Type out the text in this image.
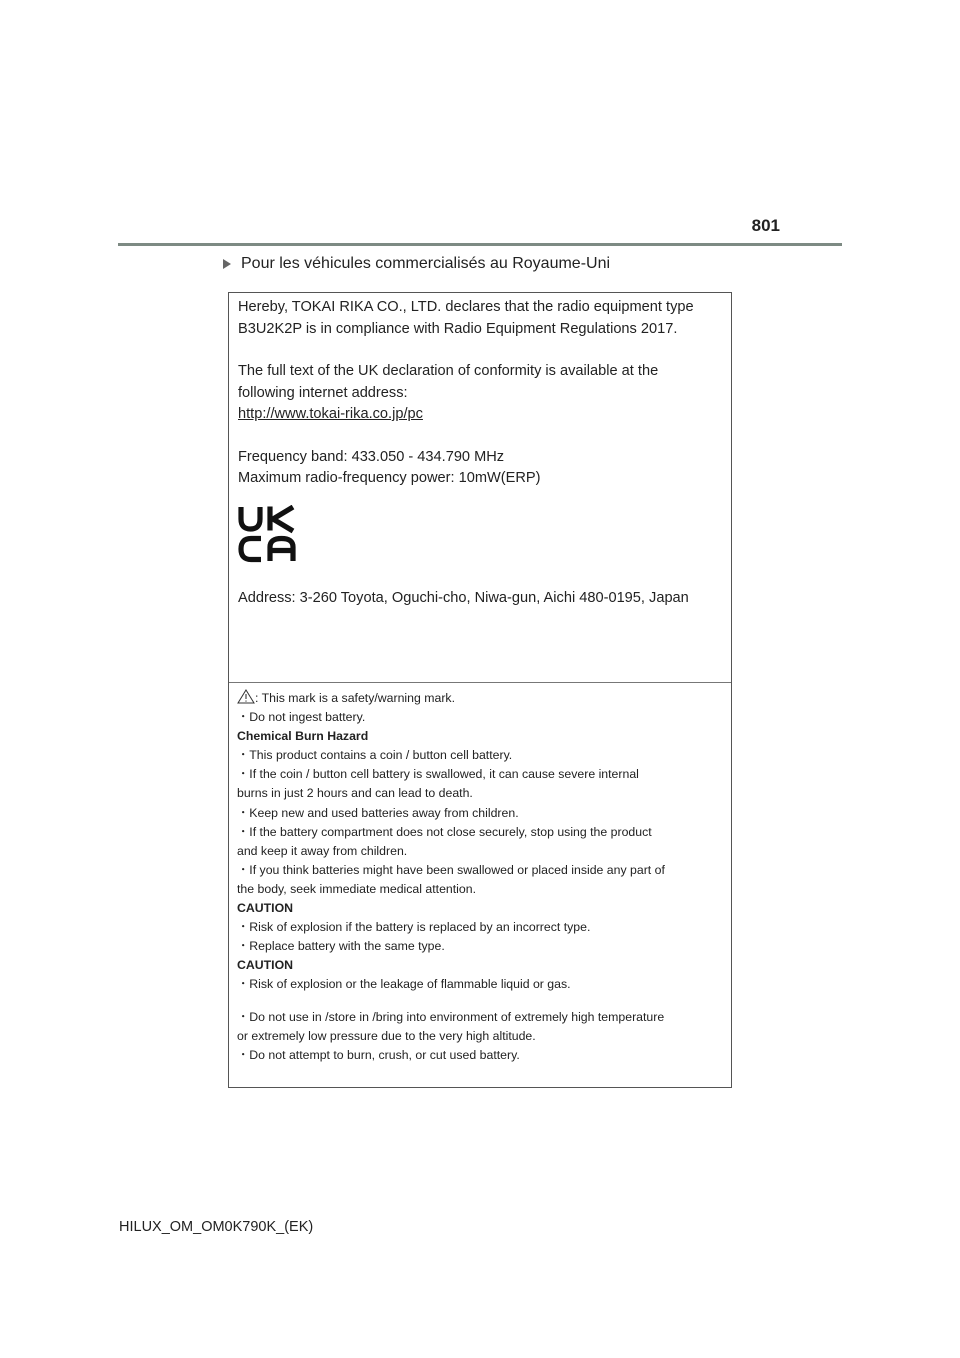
801
Pour les véhicules commercialisés au Royaume-Uni

Hereby, TOKAI RIKA CO., LTD. declares that the radio equipment type
B3U2K2P is in compliance with Radio Equipment Regulations 2017.

The full text of the UK declaration of conformity is available at the
following internet address:
http://www.tokai-rika.co.jp/pc

Frequency band: 433.050 - 434.790 MHz
Maximum radio-frequency power: 10mW(ERP)

Address: 3-260 Toyota, Oguchi-cho, Niwa-gun, Aichi 480-0195, Japan

: This mark is a safety/warning mark.
・Do not ingest battery.
Chemical Burn Hazard
・This product contains a coin / button cell battery.
・If the coin / button cell battery is swallowed, it can cause severe internal
burns in just 2 hours and can lead to death.
・Keep new and used batteries away from children.
・If the battery compartment does not close securely, stop using the product
and keep it away from children.
・If you think batteries might have been swallowed or placed inside any part of
the body, seek immediate medical attention.
CAUTION
・Risk of explosion if the battery is replaced by an incorrect type.
・Replace battery with the same type.
CAUTION
・Risk of explosion or the leakage of flammable liquid or gas.
・Do not use in /store in /bring into environment of extremely high temperature
or extremely low pressure due to the very high altitude.
・Do not attempt to burn, crush, or cut used battery.
HILUX_OM_OM0K790K_(EK)
